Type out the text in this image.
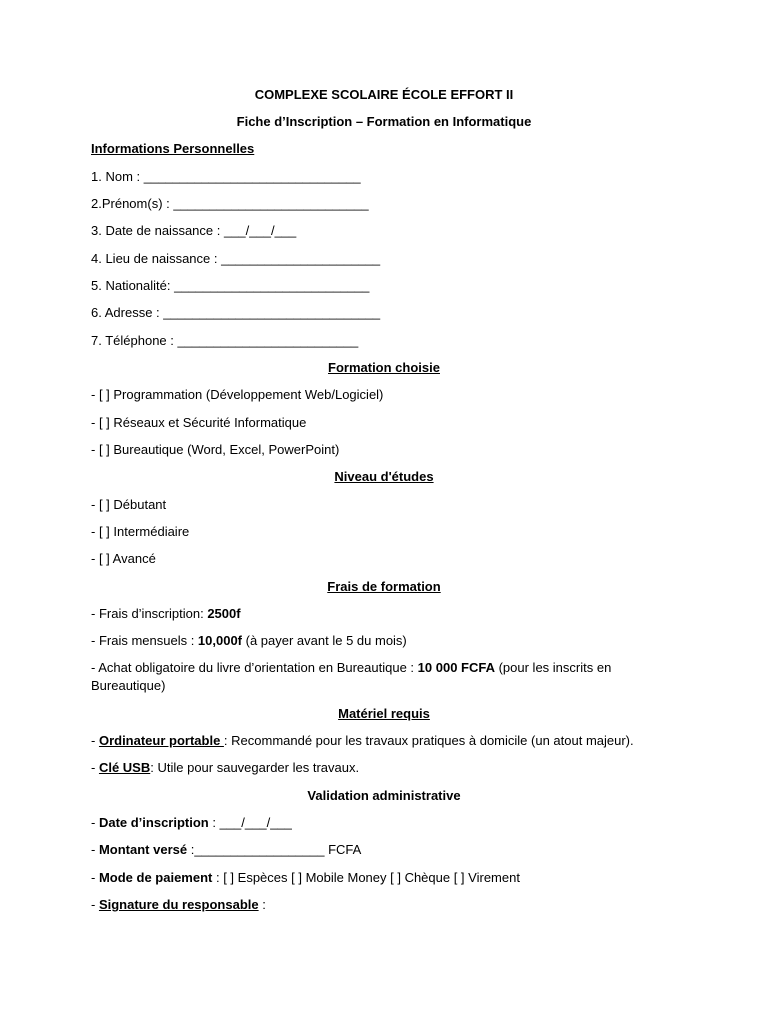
COMPLEXE SCOLAIRE ÉCOLE EFFORT II
Fiche d’Inscription – Formation en Informatique
Informations Personnelles
1. Nom : ______________________________
2.Prénom(s) : ___________________________
3. Date de naissance : ___/___/___
4. Lieu de naissance : ______________________
5. Nationalité: ___________________________
6. Adresse : ______________________________
7. Téléphone : _________________________
Formation choisie
- [ ] Programmation (Développement Web/Logiciel)
- [ ] Réseaux et Sécurité Informatique
- [ ] Bureautique (Word, Excel, PowerPoint)
Niveau d'études
- [ ] Débutant
- [ ] Intermédiaire
- [ ] Avancé
Frais de formation
- Frais d’inscription: 2500f
- Frais mensuels : 10,000f (à payer avant le 5 du mois)
- Achat obligatoire du livre d’orientation en Bureautique : 10 000 FCFA (pour les inscrits en Bureautique)
Matériel requis
- Ordinateur portable : Recommandé pour les travaux pratiques à domicile (un atout majeur).
- Clé USB: Utile pour sauvegarder les travaux.
Validation administrative
- Date d’inscription : ___/___/___
- Montant versé :__________________ FCFA
- Mode de paiement : [ ] Espèces [ ] Mobile Money [ ] Chèque [ ] Virement
- Signature du responsable :
